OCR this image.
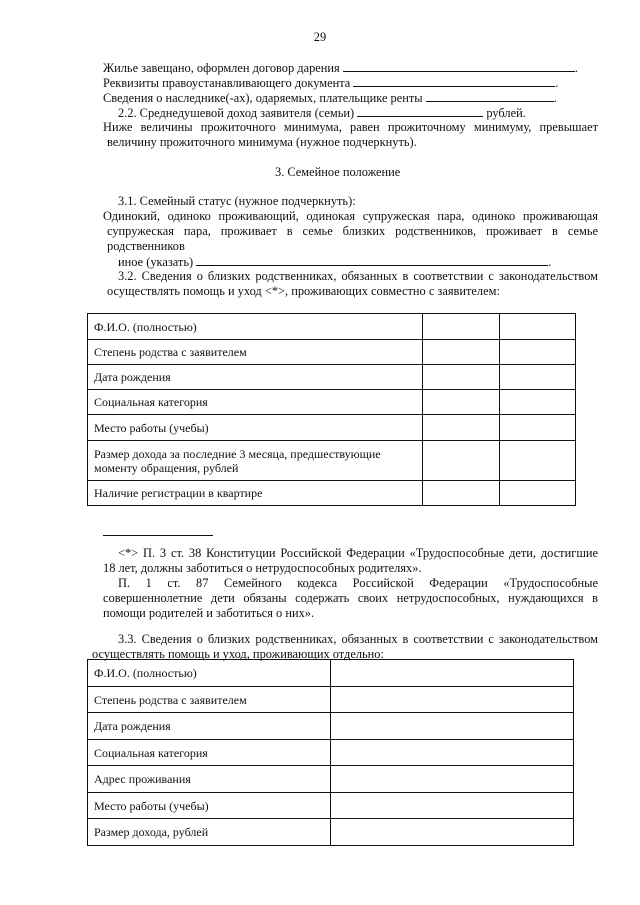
29
Жилье завещано, оформлен договор дарения	.
Реквизиты правоустанавливающего документа	.
Сведения о наследнике(-ах), одаряемых, плательщике ренты	.
2.2. Среднедушевой доход заявителя (семьи)	рублей.
Ниже величины прожиточного минимума, равен прожиточному минимуму, превышает
величину прожиточного минимума (нужное подчеркнуть).
3. Семейное положение
3.1. Семейный статус (нужное подчеркнуть):
Одинокий, одиноко проживающий, одинокая супружеская пара, одиноко проживающая
супружеская пара, проживает в семье близких родственников, проживает в семье
родственников
иное (указать)	.
3.2. Сведения о близких родственниках, обязанных в соответствии с законодательством
осуществлять помощь и уход <*>, проживающих совместно с заявителем:
Ф.И.О. (полностью)		
Степень родства с заявителем		
Дата рождения		
Социальная категория		
Место работы (учебы)		
Размер дохода за последние 3 месяца, предшествующие моменту обращения, рублей		
Наличие регистрации в квартире		
<*> П. 3 ст. 38 Конституции Российской Федерации «Трудоспособные дети, достигшие
18 лет, должны заботиться о нетрудоспособных родителях».
П. 1 ст. 87 Семейного кодекса Российской Федерации «Трудоспособные
совершеннолетние дети обязаны содержать своих нетрудоспособных, нуждающихся в
помощи родителей и заботиться о них».
3.3. Сведения о близких родственниках, обязанных в соответствии с законодательством
осуществлять помощь и уход, проживающих отдельно:
Ф.И.О. (полностью)	
Степень родства с заявителем	
Дата рождения	
Социальная категория	
Адрес проживания	
Место работы (учебы)	
Размер дохода, рублей	
